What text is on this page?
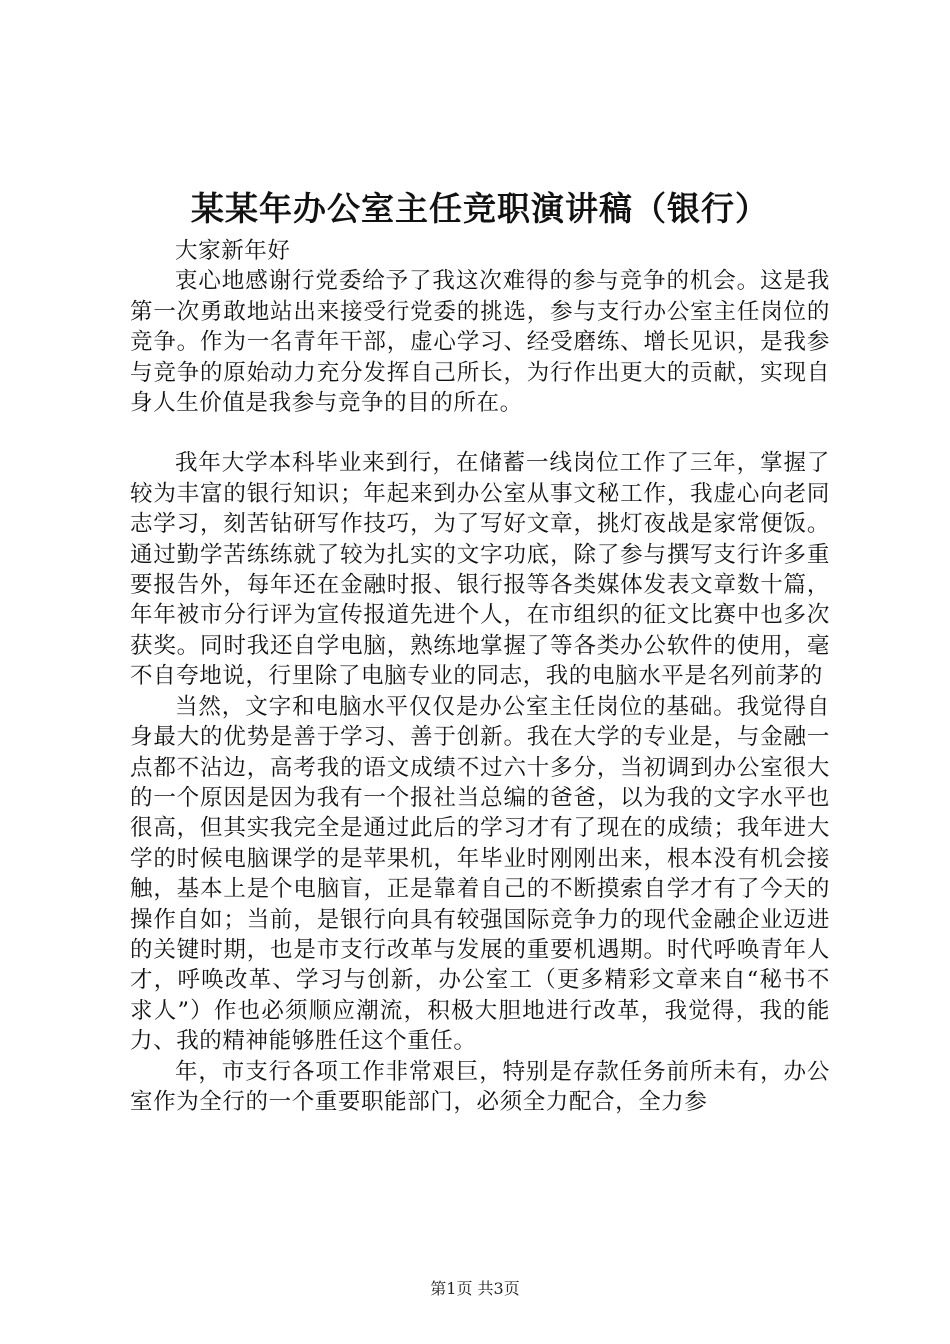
某某年办公室主任竞职演讲稿（银行）

大家新年好

衷心地感谢行党委给予了我这次难得的参与竞争的机会。这是我第一次勇敢地站出来接受行党委的挑选，参与支行办公室主任岗位的竞争。作为一名青年干部，虚心学习、经受磨练、增长见识，是我参与竞争的原始动力充分发挥自己所长，为行作出更大的贡献，实现自身人生价值是我参与竞争的目的所在。

我年大学本科毕业来到行，在储蓄一线岗位工作了三年，掌握了较为丰富的银行知识；年起来到办公室从事文秘工作，我虚心向老同志学习，刻苦钻研写作技巧，为了写好文章，挑灯夜战是家常便饭。通过勤学苦练练就了较为扎实的文字功底，除了参与撰写支行许多重要报告外，每年还在金融时报、银行报等各类媒体发表文章数十篇，年年被市分行评为宣传报道先进个人，在市组织的征文比赛中也多次获奖。同时我还自学电脑，熟练地掌握了等各类办公软件的使用，毫不自夸地说，行里除了电脑专业的同志，我的电脑水平是名列前茅的

当然，文字和电脑水平仅仅是办公室主任岗位的基础。我觉得自身最大的优势是善于学习、善于创新。我在大学的专业是，与金融一点都不沾边，高考我的语文成绩不过六十多分，当初调到办公室很大的一个原因是因为我有一个报社当总编的爸爸，以为我的文字水平也很高，但其实我完全是通过此后的学习才有了现在的成绩；我年进大学的时候电脑课学的是苹果机，年毕业时刚刚出来，根本没有机会接触，基本上是个电脑盲，正是靠着自己的不断摸索自学才有了今天的操作自如；当前，是银行向具有较强国际竞争力的现代金融企业迈进的关键时期，也是市支行改革与发展的重要机遇期。时代呼唤青年人才，呼唤改革、学习与创新，办公室工（更多精彩文章来自“秘书不求人”）作也必须顺应潮流，积极大胆地进行改革，我觉得，我的能力、我的精神能够胜任这个重任。

年，市支行各项工作非常艰巨，特别是存款任务前所未有，办公室作为全行的一个重要职能部门，必须全力配合，全力参

第1页 共3页
